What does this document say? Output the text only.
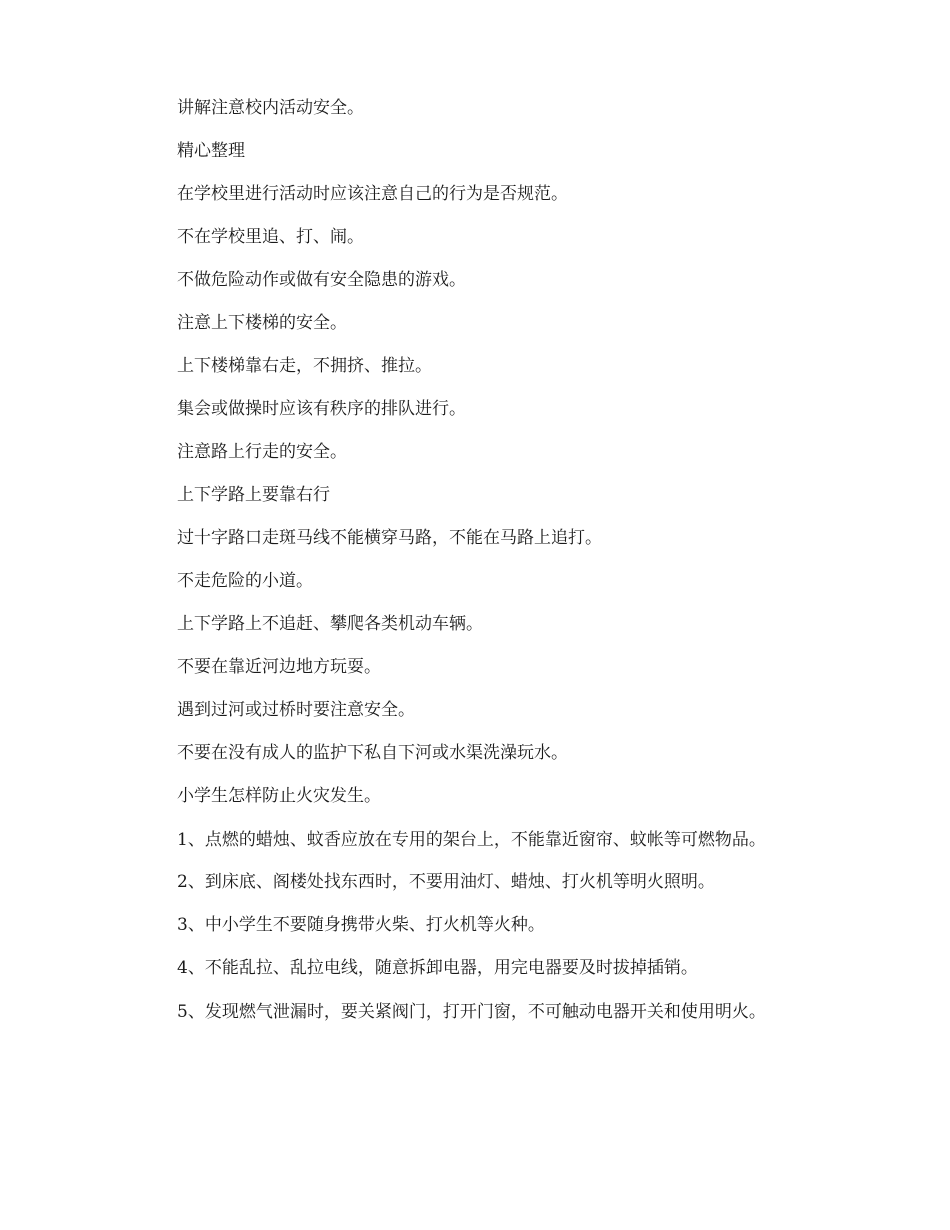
讲解注意校内活动安全。

精心整理

在学校里进行活动时应该注意自己的行为是否规范。

不在学校里追、打、闹。

不做危险动作或做有安全隐患的游戏。

注意上下楼梯的安全。

上下楼梯靠右走，不拥挤、推拉。

集会或做操时应该有秩序的排队进行。

注意路上行走的安全。

上下学路上要靠右行

过十字路口走斑马线不能横穿马路，不能在马路上追打。

不走危险的小道。

上下学路上不追赶、攀爬各类机动车辆。

不要在靠近河边地方玩耍。

遇到过河或过桥时要注意安全。

不要在没有成人的监护下私自下河或水渠洗澡玩水。

小学生怎样防止火灾发生。

1、点燃的蜡烛、蚊香应放在专用的架台上，不能靠近窗帘、蚊帐等可燃物品。

2、到床底、阁楼处找东西时，不要用油灯、蜡烛、打火机等明火照明。

3、中小学生不要随身携带火柴、打火机等火种。

4、不能乱拉、乱拉电线，随意拆卸电器，用完电器要及时拔掉插销。

5、发现燃气泄漏时，要关紧阀门，打开门窗，不可触动电器开关和使用明火。
